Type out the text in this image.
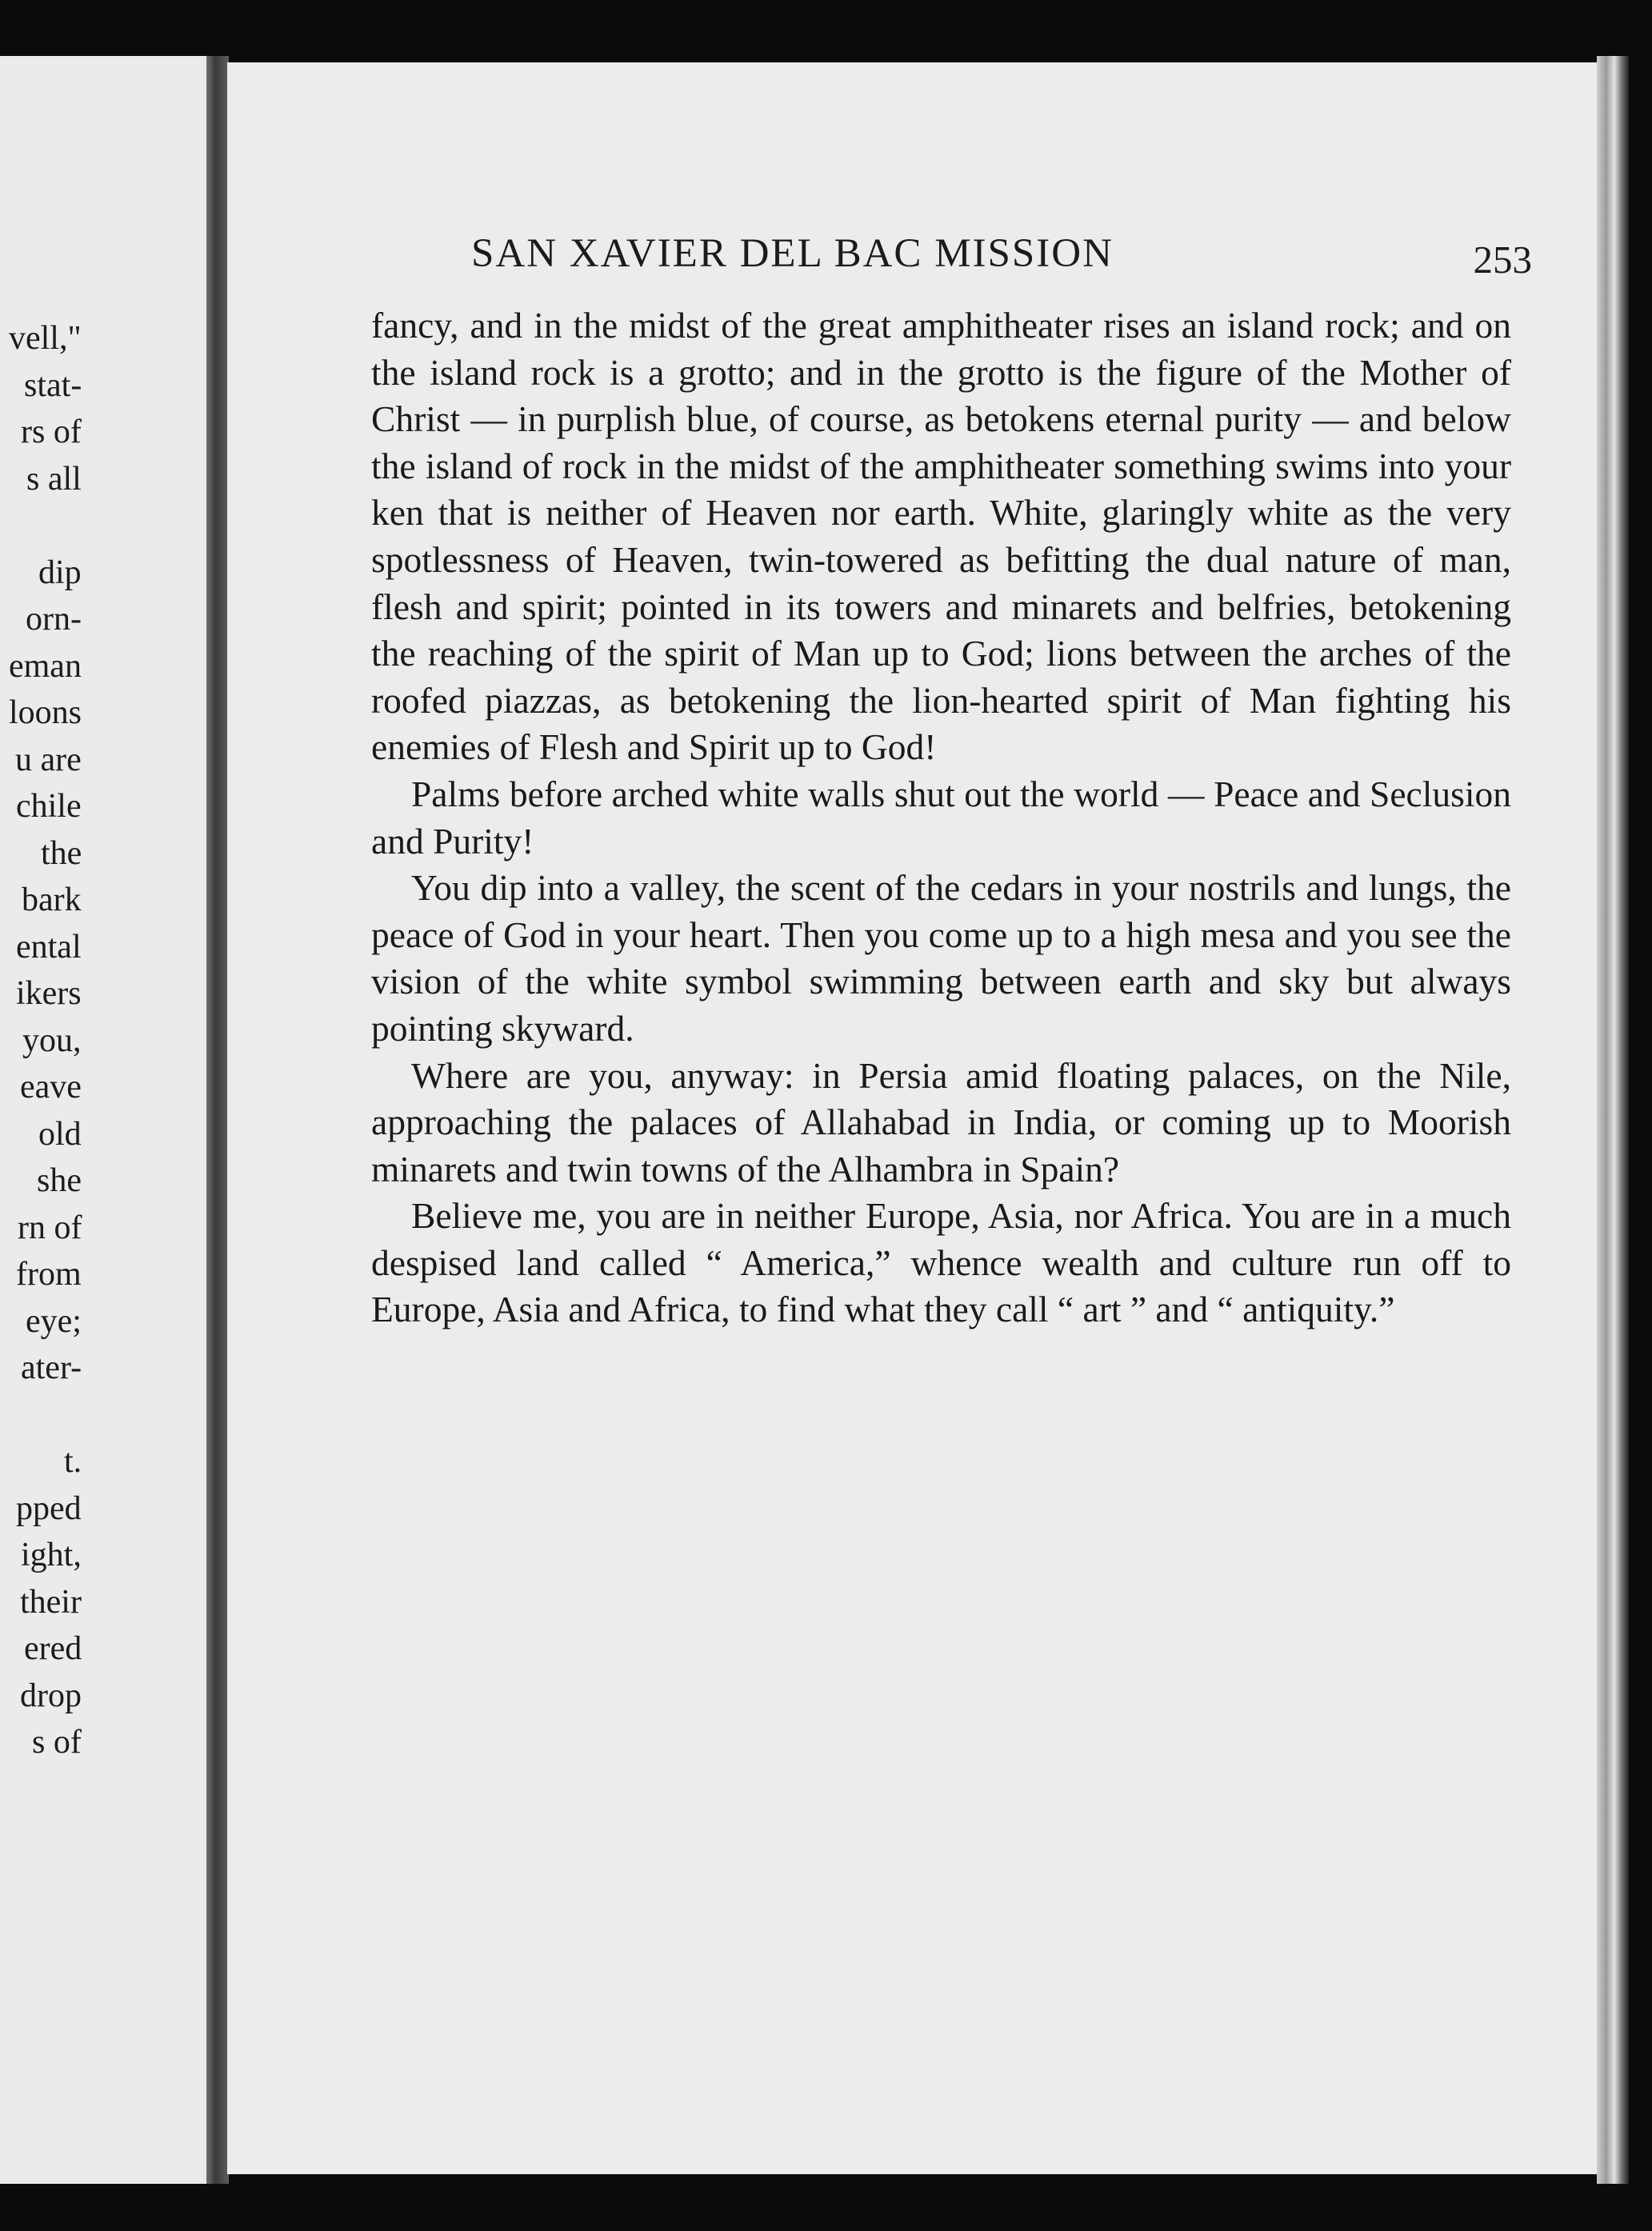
vell,"
stat-
rs of
s all
dip
orn-
eman
loons
u are
chile
the
bark
ental
ikers
you,
eave
old
she
rn of
from
eye;
ater-
t.
pped
ight,
their
ered
drop
s of
SAN XAVIER DEL BAC MISSION	253

fancy, and in the midst of the great amphitheater rises an island rock; and on the island rock is a grotto; and in the grotto is the figure of the Mother of Christ — in purplish blue, of course, as betokens eternal purity — and below the island of rock in the midst of the amphitheater something swims into your ken that is neither of Heaven nor earth. White, glaringly white as the very spotlessness of Heaven, twin-towered as befitting the dual nature of man, flesh and spirit; pointed in its towers and minarets and belfries, betokening the reaching of the spirit of Man up to God; lions between the arches of the roofed piazzas, as betokening the lion-hearted spirit of Man fighting his enemies of Flesh and Spirit up to God!

Palms before arched white walls shut out the world — Peace and Seclusion and Purity!

You dip into a valley, the scent of the cedars in your nostrils and lungs, the peace of God in your heart. Then you come up to a high mesa and you see the vision of the white symbol swimming between earth and sky but always pointing skyward.

Where are you, anyway: in Persia amid floating palaces, on the Nile, approaching the palaces of Allahabad in India, or coming up to Moorish minarets and twin towns of the Alhambra in Spain?

Believe me, you are in neither Europe, Asia, nor Africa. You are in a much despised land called “ America,” whence wealth and culture run off to Europe, Asia and Africa, to find what they call “ art ” and “ antiquity.”
